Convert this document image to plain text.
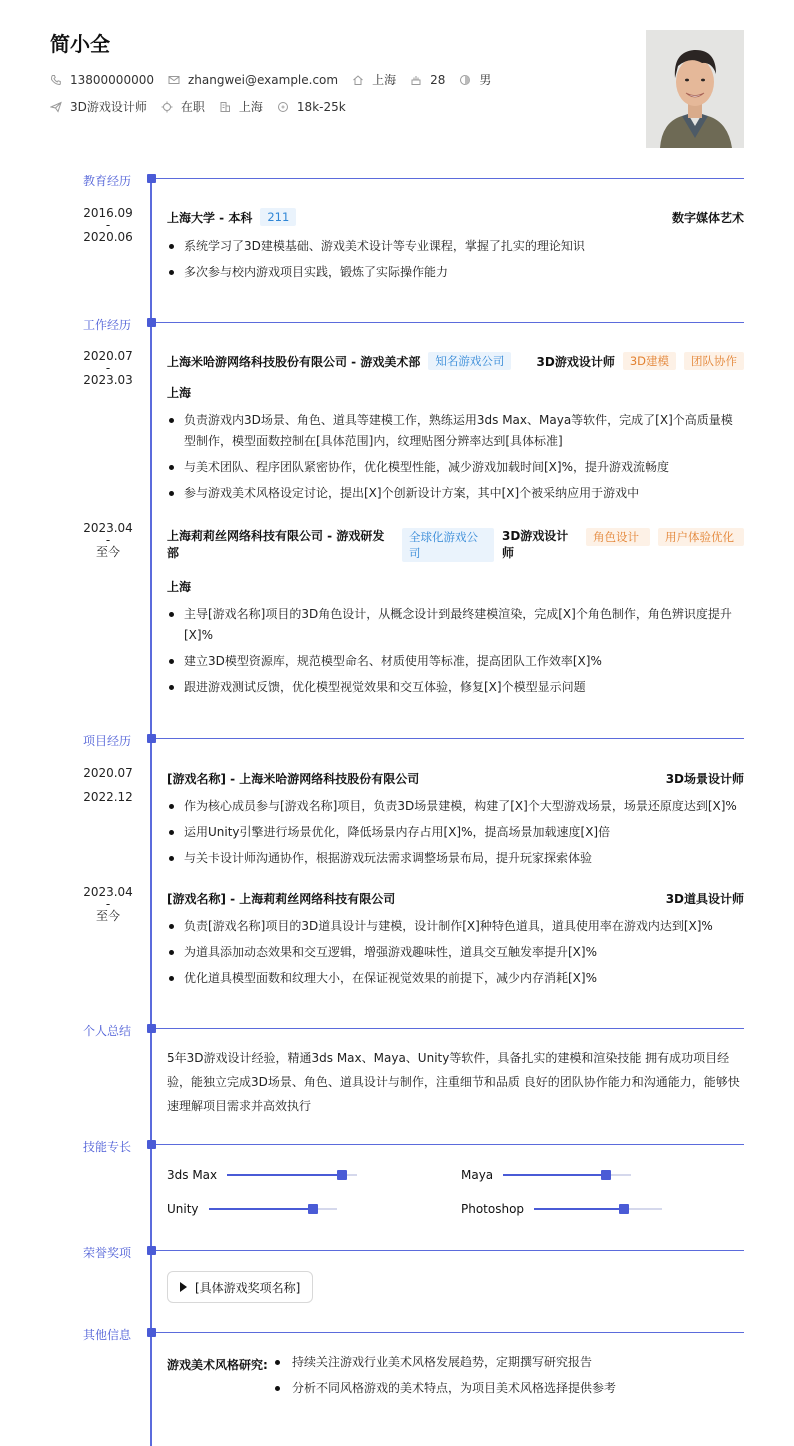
简小全
13800000000	zhangwei@example.com	上海	28	男
3D游戏设计师	在职	上海	18k-25k
教育经历
2016.09
-
2020.06
上海大学 - 本科	211	数字媒体艺术
系统学习了3D建模基础、游戏美术设计等专业课程，掌握了扎实的理论知识
多次参与校内游戏项目实践，锻炼了实际操作能力
工作经历
2020.07
-
2023.03
上海米哈游网络科技股份有限公司 - 游戏美术部	知名游戏公司	3D游戏设计师	3D建模	团队协作
上海
负责游戏内3D场景、角色、道具等建模工作，熟练运用3ds Max、Maya等软件，完成了[X]个高质量模型制作，模型面数控制在[具体范围]内，纹理贴图分辨率达到[具体标准]
与美术团队、程序团队紧密协作，优化模型性能，减少游戏加载时间[X]%，提升游戏流畅度
参与游戏美术风格设定讨论，提出[X]个创新设计方案，其中[X]个被采纳应用于游戏中
2023.04
-
至今
上海莉莉丝网络科技有限公司 - 游戏研发部
全球化游戏公司
3D游戏设计师
角色设计	用户体验优化
上海
主导[游戏名称]项目的3D角色设计，从概念设计到最终建模渲染，完成[X]个角色制作，角色辨识度提升[X]%
建立3D模型资源库，规范模型命名、材质使用等标准，提高团队工作效率[X]%
跟进游戏测试反馈，优化模型视觉效果和交互体验，修复[X]个模型显示问题
项目经历
2020.07
2022.12
[游戏名称] - 上海米哈游网络科技股份有限公司	3D场景设计师
作为核心成员参与[游戏名称]项目，负责3D场景建模，构建了[X]个大型游戏场景，场景还原度达到[X]%
运用Unity引擎进行场景优化，降低场景内存占用[X]%，提高场景加载速度[X]倍
与关卡设计师沟通协作，根据游戏玩法需求调整场景布局，提升玩家探索体验
2023.04
-
至今
[游戏名称] - 上海莉莉丝网络科技有限公司	3D道具设计师
负责[游戏名称]项目的3D道具设计与建模，设计制作[X]种特色道具，道具使用率在游戏内达到[X]%
为道具添加动态效果和交互逻辑，增强游戏趣味性，道具交互触发率提升[X]%
优化道具模型面数和纹理大小，在保证视觉效果的前提下，减少内存消耗[X]%
个人总结
5年3D游戏设计经验，精通3ds Max、Maya、Unity等软件，具备扎实的建模和渲染技能 拥有成功项目经验，能独立完成3D场景、角色、道具设计与制作，注重细节和品质 良好的团队协作能力和沟通能力，能够快速理解项目需求并高效执行
技能专长
3ds Max	Maya
Unity	Photoshop
荣誉奖项
[具体游戏奖项名称]
其他信息
游戏美术风格研究:	持续关注游戏行业美术风格发展趋势，定期撰写研究报告
分析不同风格游戏的美术特点，为项目美术风格选择提供参考
